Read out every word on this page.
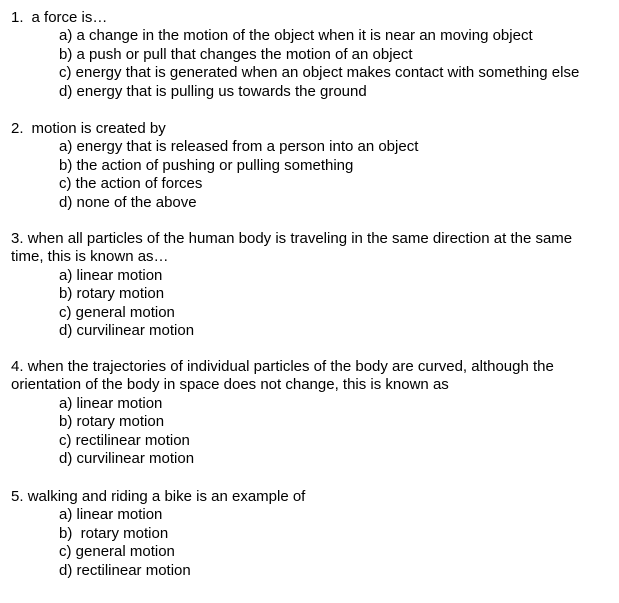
1. a force is…
a) a change in the motion of the object when it is near an moving object
b) a push or pull that changes the motion of an object
c) energy that is generated when an object makes contact with something else
d) energy that is pulling us towards the ground
2. motion is created by
a) energy that is released from a person into an object
b) the action of pushing or pulling something
c) the action of forces
d) none of the above
3. when all particles of the human body is traveling in the same direction at the same
time, this is known as…
a) linear motion
b) rotary motion
c) general motion
d) curvilinear motion
4. when the trajectories of individual particles of the body are curved, although the
orientation of the body in space does not change, this is known as
a) linear motion
b) rotary motion
c) rectilinear motion
d) curvilinear motion
5. walking and riding a bike is an example of
a) linear motion
b)  rotary motion
c) general motion
d) rectilinear motion
